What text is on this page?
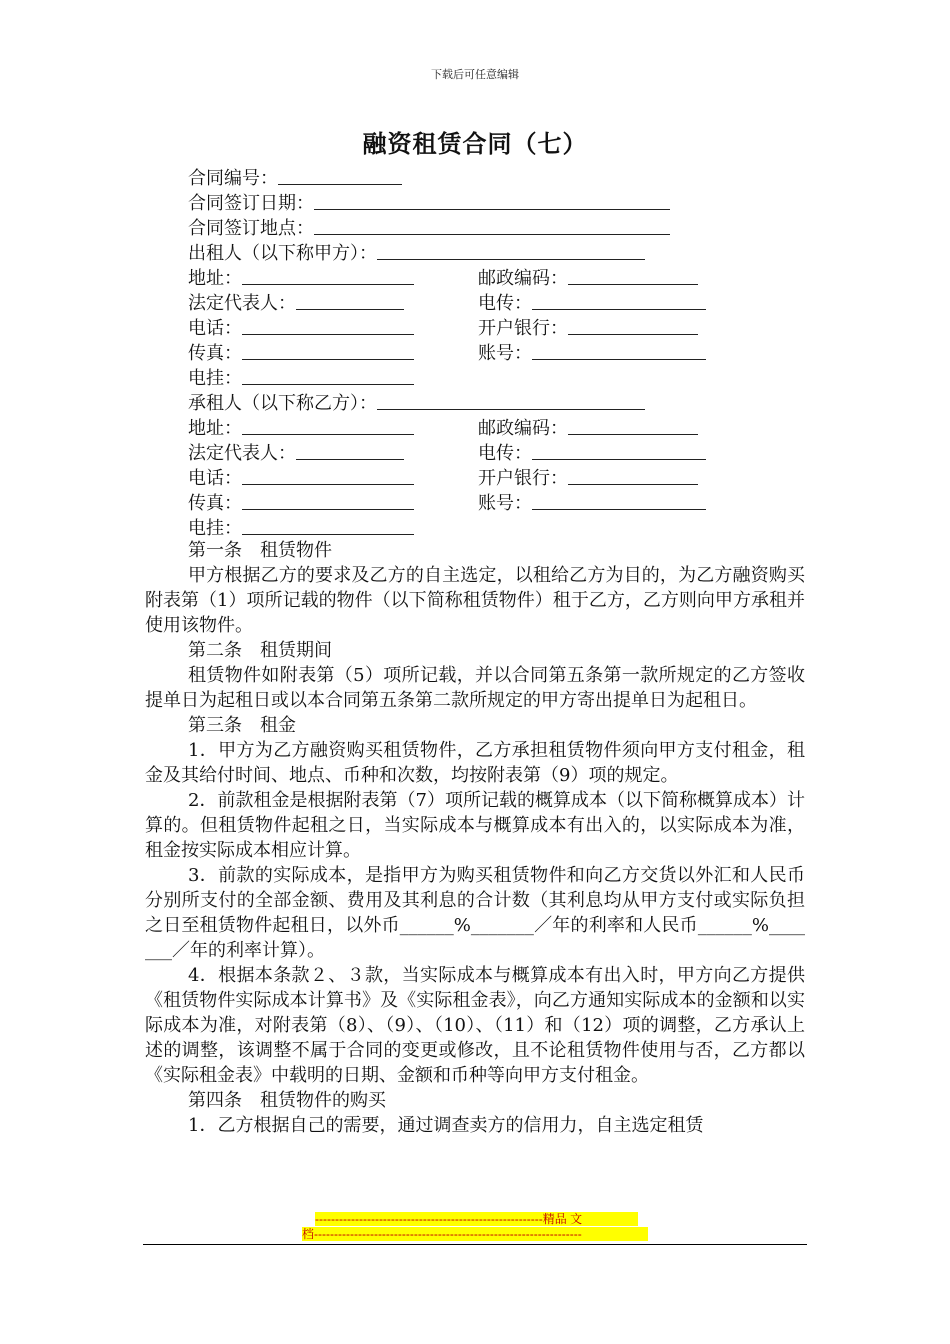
下载后可任意编辑
融资租赁合同（七）
合同编号：
合同签订日期：
合同签订地点：
出租人（以下称甲方）：
地址：	邮政编码：
法定代表人：	电传：
电话：	开户银行：
传真：	账号：
电挂：
承租人（以下称乙方）：
地址：	邮政编码：
法定代表人：	电传：
电话：	开户银行：
传真：	账号：
电挂：

第一条　租赁物件

甲方根据乙方的要求及乙方的自主选定，以租给乙方为目的，为乙方融资购买附表第（1）项所记载的物件（以下简称租赁物件）租于乙方，乙方则向甲方承租并使用该物件。

第二条　租赁期间

租赁物件如附表第（5）项所记载，并以合同第五条第一款所规定的乙方签收提单日为起租日或以本合同第五条第二款所规定的甲方寄出提单日为起租日。

第三条　租金

1．甲方为乙方融资购买租赁物件，乙方承担租赁物件须向甲方支付租金，租金及其给付时间、地点、币种和次数，均按附表第（9）项的规定。

2．前款租金是根据附表第（7）项所记载的概算成本（以下简称概算成本）计算的。但租赁物件起租之日，当实际成本与概算成本有出入的，以实际成本为准，租金按实际成本相应计算。

3．前款的实际成本，是指甲方为购买租赁物件和向乙方交货以外汇和人民币分别所支付的全部金额、费用及其利息的合计数（其利息均从甲方支付或实际负担之日至租赁物件起租日，以外币______%_______／年的利率和人民币______%_______／年的利率计算）。

4．根据本条款２、３款，当实际成本与概算成本有出入时，甲方向乙方提供《租赁物件实际成本计算书》及《实际租金表》，向乙方通知实际成本的金额和以实际成本为准，对附表第（8）、（9）、（10）、（11）和（12）项的调整，乙方承认上述的调整，该调整不属于合同的变更或修改，且不论租赁物件使用与否，乙方都以《实际租金表》中载明的日期、金额和币种等向甲方支付租金。

第四条　租赁物件的购买

1．乙方根据自己的需要，通过调查卖方的信用力，自主选定租赁

---------------------------------------------------------精品 文
档-------------------------------------------------------------------
